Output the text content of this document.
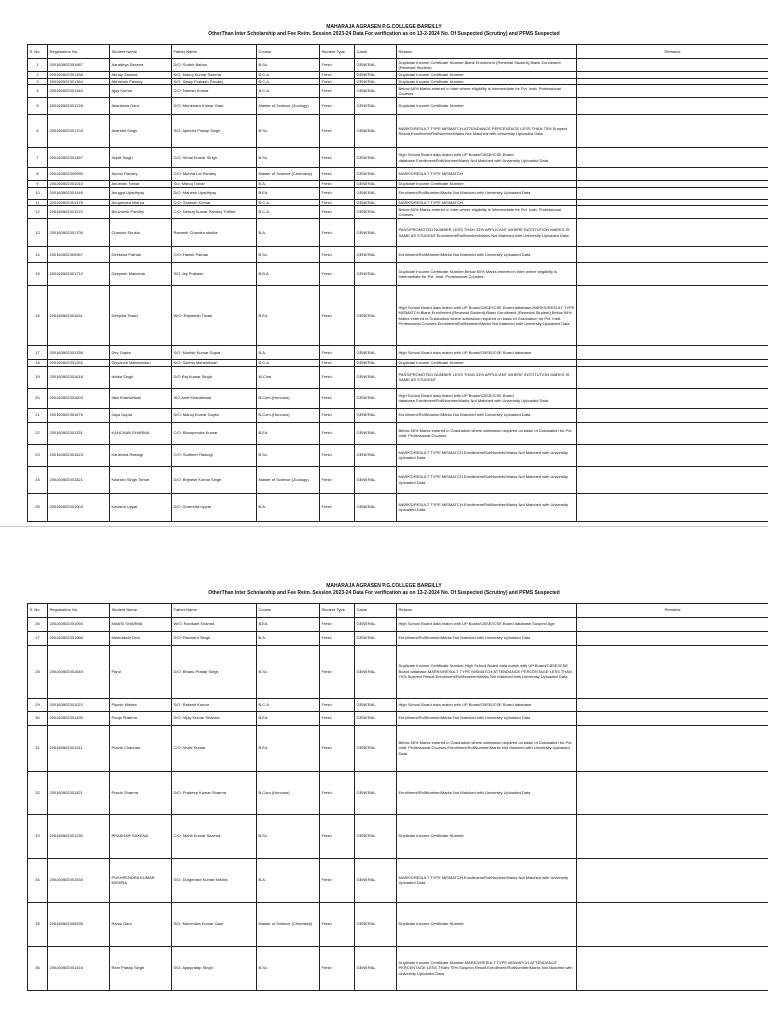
MAHARAJA AGRASEN P.G.COLLEGE BAREILLY
OtherThan Inter Scholarship and Fee Reim. Session 2023-24 Data For verification as on 13-2-2024 No. Of Suspected (Scrutiny) and PFMS Suspected
S. No.	Registration No.	Student Name	Father Name	Course	Student Type	Caste	Reason	Remarks
1	200160502301687	Aaradhya Saxena	D/O: Sudhir Baboo	B.Sc.	Fresh	GENERAL	Duplicate Income Certificate Number,Blank Enrollment (Renewal Student),Blank Enrollment (Renewal Student)	
2	200160502301338	Abhay Saxena	S/O: Manoj Kumar Saxena	B.C.A.	Fresh	GENERAL	Duplicate Income Certificate Number	
3	200160502301364	Abhishek Pandey	S/O: Satay Prakash Pandey	B.C.A.	Fresh	GENERAL	Duplicate Income Certificate Number	
4	200160502301340	Ajay Kumar	C/O: Naresh Kumar	B.C.A.	Fresh	GENERAL	Below 60% Marks entered in Inter where eligibility is Intermediate for Pvt. Instt. Professional Courses	
5	200160502301228	Akanksha Gaur	D/O: Munendra Kumar Gaur	Master of Science (Zoology)	Fresh	GENERAL	Duplicate Income Certificate Number	
6	200160502301703	Akarshit Singh	S/O: Ajendra Pratap Singh	B.Sc.	Fresh	GENERAL	MARKS/RESULT TYPE MISMATCH,ATTENDANCE PERCENTAGE LESS THAN 75%,Suspect Result,Enrollment/RollNumber/Marks Not Matched with University Uploaded Data	
7	200160502301467	Anjali Singh	C/O: Vimal Kumar Singh	B.Sc.	Fresh	GENERAL	High School Board data match with UP Board/CBSE/ICSE Board database,Enrollment/RollNumber/Marks Not Matched with University Uploaded Data	
8	200160502300995	Anmol Pandey	C/O: Munna Lal Pandey	Master of Science (Chemistry)	Fresh	GENERAL	MARKS/RESULT TYPE MISMATCH	
9	200160502301010	Anubhav Tomar	S/o: Manoj Tomar	B.A.	Fresh	GENERAL	Duplicate Income Certificate Number	
10	200160502301446	Anugya Upadhyay	D/O: Mahesh Upadhyay	B.Ed.	Fresh	GENERAL	Enrollment/RollNumber/Marks Not Matched with University Uploaded Data	
11	200160502301475	Anupendra Mishra	C/O: Santosh Kumar	B.C.A.	Fresh	GENERAL	MARKS/RESULT TYPE MISMATCH	
12	200160502301123	Bhuvnesh Pandey	C/O: Neeraj Kumar Pandey 'Father'	B.C.A.	Fresh	GENERAL	Below 60% Marks entered in Inter where eligibility is Intermediate for Pvt. Instt. Professional Courses	
13	200160502301705	Chandni Shukla	Ramesh Chandra shukla	B.A.	Fresh	GENERAL	PASS/PROMOTED NUMBER LESS THAN 33% APPLICANT WHERE INSTITUTION MARKS IS SAME AS STUDENT,Enrollment/RollNumber/Marks Not Matched with University Uploaded Data	
14	200160502300967	Deeksha Pathak	C/O: Harish Pathak	B.Sc.	Fresh	GENERAL	Enrollment/RollNumber/Marks Not Matched with University Uploaded Data	
15	200160502301710	Deepesh Maindola	S/O Jay Prakash	B.B.A.	Fresh	GENERAL	Duplicate Income Certificate Number,Below 60% Marks entered in Inter where eligibility is Intermediate for Pvt. Instt. Professional Courses	
16	200160502301631	Deepika Tiwari	W/O: Rajneesh Tiwari	B.Ed.	Fresh	GENERAL	High School Board data match with UP Board/CBSE/ICSE Board database,MARKS/RESULT TYPE MISMATCH,Blank Enrollment (Renewal Student),Blank Enrollment (Renewal Student),Below 55% Marks entered in Graduation where admission required on basic of Graduation for Pvt. Instt. Professional Courses,Enrollment/RollNumber/Marks Not Matched with University Uploaded Data	
17	200160502301336	Dev Gupta	S/O: Munish Kumar Gupta	B.A.	Fresh	GENERAL	High School Board data match with UP Board/CBSE/ICSE Board database	
18	200160502301262	Divyansh Maheshwari	S/O: Sachin Maheshwari	B.C.A.	Fresh	GENERAL	Duplicate Income Certificate Number	
19	200160502301618	Ishika Singh	D/O Raj Kumar Singh	M.Com.	Fresh	GENERAL	PASS/PROMOTED NUMBER LESS THAN 33% APPLICANT WHERE INSTITUTION MARKS IS SAME AS STUDENT	
20	200160502301603	Itish Khandelwal	S/O Amit Khandelwal	B.Com.(Honours)	Fresh	GENERAL	High School Board data match with UP Board/CBSE/ICSE Board database,Enrollment/RollNumber/Marks Not Matched with University Uploaded Data	
21	200160502301676	Jaya Gupta	D/O: Manoj Kumar Gupta	B.Com.(Honours)	Fresh	GENERAL	Enrollment/RollNumber/Marks Not Matched with University Uploaded Data	
22	200160502301331	KANCHAN SHARMA	C/O: Bhoopendra Kumar	B.Ed.	Fresh	GENERAL	Below 55% Marks entered in Graduation where admission required on basic of Graduation for Pvt. Instt. Professional Courses	
23	200160502301523	Karishma Rastogi	C/O: Sudheer Rastogi	B.Sc.	Fresh	GENERAL	MARKS/RESULT TYPE MISMATCH,Enrollment/RollNumber/Marks Not Matched with University Uploaded Data	
24	200160502301521	Kashish Singh Tomar	D/O: Brijnesh Kumar Singh	Master of Science (Zoology)	Fresh	GENERAL	MARKS/RESULT TYPE MISMATCH,Enrollment/RollNumber/Marks Not Matched with University Uploaded Data	
25	200160502301003	Kavisha Uppal	D/O: Surendra Uppal	B.A.	Fresh	GENERAL	MARKS/RESULT TYPE MISMATCH,Enrollment/RollNumber/Marks Not Matched with University Uploaded Data	
MAHARAJA AGRASEN P.G.COLLEGE BAREILLY
OtherThan Inter Scholarship and Fee Reim. Session 2023-24 Data For verification as on 13-2-2024 No. Of Suspected (Scrutiny) and PFMS Suspected
S. No.	Registration No.	Student Name	Father Name	Course	Student Type	Caste	Reason	Remarks
26	200160502301093	MANSI SHARMA	W/O: Ravikant Sharma	B.Ed.	Fresh	GENERAL	High School Board data match with UP Board/CBSE/ICSE Board database,Suspect Age	
27	200160502301066	Meenakshi Devi	D/O: Ravindra Singh	B.A.	Fresh	GENERAL	Enrollment/RollNumber/Marks Not Matched with University Uploaded Data	
28	200160502301640	Parul	D/O: Bhanu Pratap Singh	B.Sc.	Fresh	GENERAL	Duplicate Income Certificate Number,High School Board data match with UP Board/CBSE/ICSE Board database,MARKS/RESULT TYPE MISMATCH,ATTENDANCE PERCENTAGE LESS THAN 75%,Suspect Result,Enrollment/RollNumber/Marks Not Matched with University Uploaded Data	
29	200160502301022	Piyush Mishra	S/O: Rakesh Kumar	B.C.A.	Fresh	GENERAL	High School Board data match with UP Board/CBSE/ICSE Board database	
30	200160502301495	Pooja Sharma	D/O: Vijay Kumar Sharma	B.Ed.	Fresh	GENERAL	Enrollment/RollNumber/Marks Not Matched with University Uploaded Data	
31	200160502301311	Prachi Chauhan	C/O: Vivek Kumar	B.Ed.	Fresh	GENERAL	Below 55% Marks entered in Graduation where admission required on basic of Graduation for Pvt. Instt. Professional Courses,Enrollment/RollNumber/Marks Not Matched with University Uploaded Data	
32	200160502301521	Prachi Sharma	D/O: Pradeep Kumar Sharma	B.Com.(Honours)	Fresh	GENERAL	Enrollment/RollNumber/Marks Not Matched with University Uploaded Data	
33	200160502301230	PRAKHAR SAXENA	C/O: Mohit Kumar Saxena	B.Sc.	Fresh	GENERAL	Duplicate Income Certificate Number	
34	200160502301534	PUSHPENDRA KUMAR MISHRA	S/O: Durgendra Kumar Mishra	B.A.	Fresh	GENERAL	MARKS/RESULT TYPE MISMATCH,Enrollment/RollNumber/Marks Not Matched with University Uploaded Data	
35	200160502300935	Rahul Gaur	S/O: Munendra Kumar Gaur	Master of Science (Chemistry)	Fresh	GENERAL	Duplicate Income Certificate Number	
36	200160502301416	Ram Pratap Singh	S/O: Ajaypratap Singh	B.Sc.	Fresh	GENERAL	Duplicate Income Certificate Number,MARKS/RESULT TYPE MISMATCH,ATTENDANCE PERCENTAGE LESS THAN 75%,Suspect Result,Enrollment/RollNumber/Marks Not Matched with University Uploaded Data	
